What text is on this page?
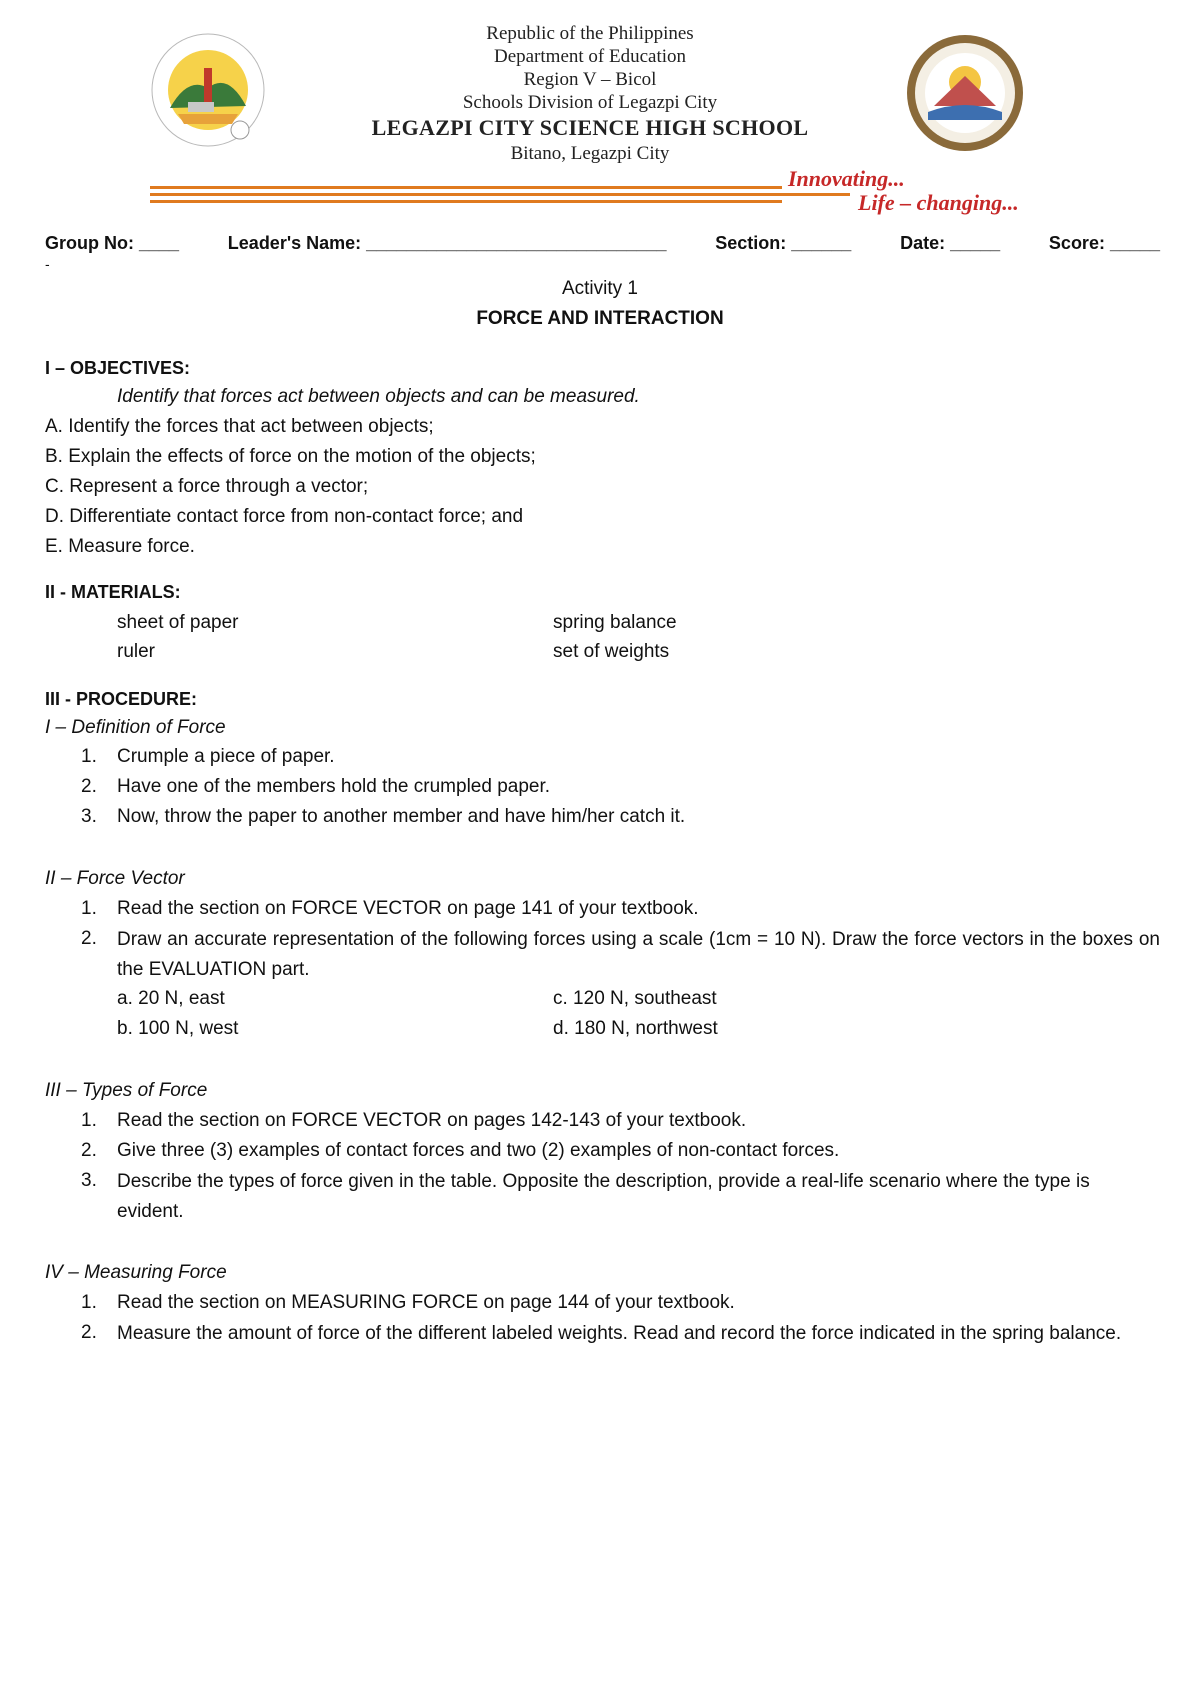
Republic of the Philippines
Department of Education
Region V – Bicol
Schools Division of Legazpi City
LEGAZPI CITY SCIENCE HIGH SCHOOL
Bitano, Legazpi City
Innovating...
Life – changing...
Group No: ____	Leader's Name: ______________________________	Section: ______	Date: _____	Score: _____
-
Activity 1
FORCE AND INTERACTION
I – OBJECTIVES:
Identify that forces act between objects and can be measured.
A. Identify the forces that act between objects;
B. Explain the effects of force on the motion of the objects;
C. Represent a force through a vector;
D. Differentiate contact force from non-contact force; and
E. Measure force.
II - MATERIALS:
sheet of paper	spring balance
ruler	set of weights
III - PROCEDURE:
I – Definition of Force
1. Crumple a piece of paper.
2. Have one of the members hold the crumpled paper.
3. Now, throw the paper to another member and have him/her catch it.
II – Force Vector
1. Read the section on FORCE VECTOR on page 141 of your textbook.
2. Draw an accurate representation of the following forces using a scale (1cm = 10 N). Draw the force vectors in the boxes on the EVALUATION part.
a. 20 N, east	c. 120 N, southeast
b. 100 N, west	d. 180 N, northwest
III – Types of Force
1. Read the section on FORCE VECTOR on pages 142-143 of your textbook.
2. Give three (3) examples of contact forces and two (2) examples of non-contact forces.
3. Describe the types of force given in the table. Opposite the description, provide a real-life scenario where the type is evident.
IV – Measuring Force
1. Read the section on MEASURING FORCE on page 144 of your textbook.
2. Measure the amount of force of the different labeled weights. Read and record the force indicated in the spring balance.
